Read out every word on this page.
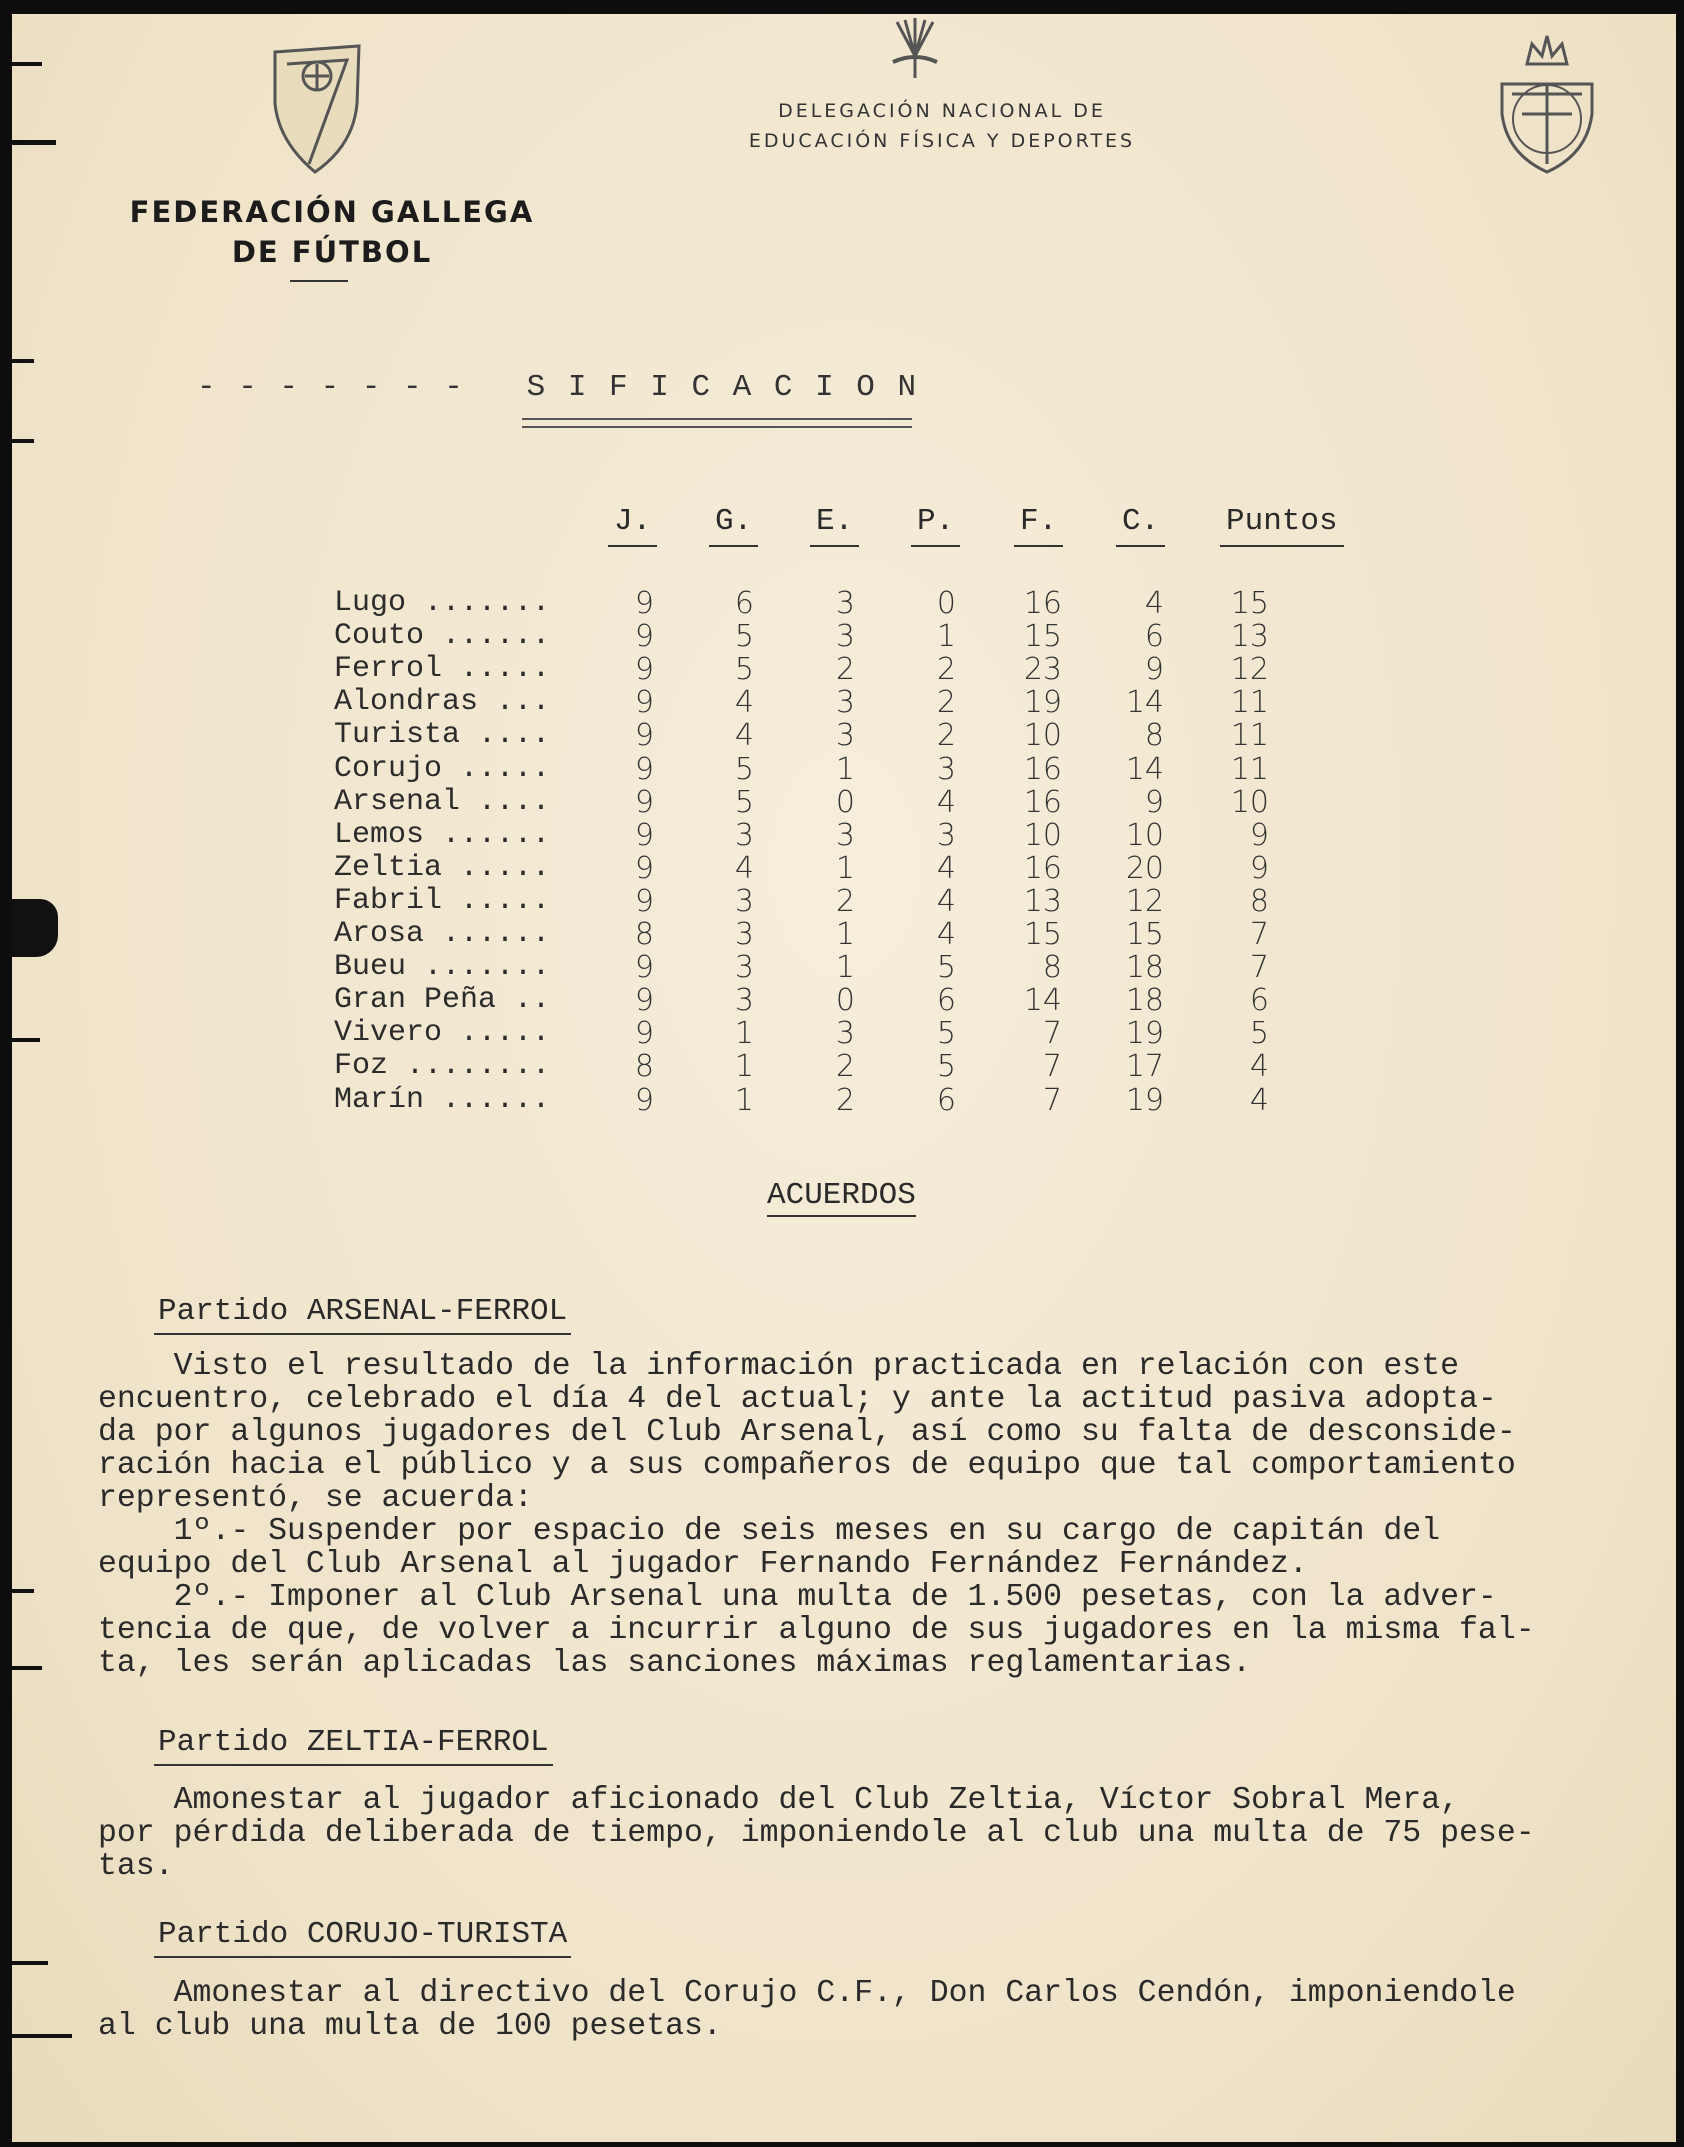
DELEGACIÓN NACIONAL DE
EDUCACIÓN FÍSICA Y DEPORTES
FEDERACIÓN GALLEGA
DE FÚTBOL
- - - - - - -   S I F I C A C I O N
J. G. E. P. F. C. Puntos
Lugo .......	9	6	3	0	16	4	15
Couto ......	9	5	3	1	15	6	13
Ferrol .....	9	5	2	2	23	9	12
Alondras ...	9	4	3	2	19	14	11
Turista ....	9	4	3	2	10	8	11
Corujo .....	9	5	1	3	16	14	11
Arsenal ....	9	5	0	4	16	9	10
Lemos ......	9	3	3	3	10	10	9
Zeltia .....	9	4	1	4	16	20	9
Fabril .....	9	3	2	4	13	12	8
Arosa ......	8	3	1	4	15	15	7
Bueu .......	9	3	1	5	8	18	7
Gran Peña ..	9	3	0	6	14	18	6
Vivero .....	9	1	3	5	7	19	5
Foz ........	8	1	2	5	7	17	4
Marín ......	9	1	2	6	7	19	4
ACUERDOS
Partido ARSENAL-FERROL
Visto el resultado de la información practicada en relación con este
encuentro, celebrado el día 4 del actual; y ante la actitud pasiva adopta-
da por algunos jugadores del Club Arsenal, así como su falta de desconside-
ración hacia el público y a sus compañeros de equipo que tal comportamiento
representó, se acuerda:
1º.- Suspender por espacio de seis meses en su cargo de capitán del
equipo del Club Arsenal al jugador Fernando Fernández Fernández.
2º.- Imponer al Club Arsenal una multa de 1.500 pesetas, con la adver-
tencia de que, de volver a incurrir alguno de sus jugadores en la misma fal-
ta, les serán aplicadas las sanciones máximas reglamentarias.
Partido ZELTIA-FERROL
Amonestar al jugador aficionado del Club Zeltia, Víctor Sobral Mera,
por pérdida deliberada de tiempo, imponiendole al club una multa de 75 pese-
tas.
Partido CORUJO-TURISTA
Amonestar al directivo del Corujo C.F., Don Carlos Cendón, imponiendole
al club una multa de 100 pesetas.
